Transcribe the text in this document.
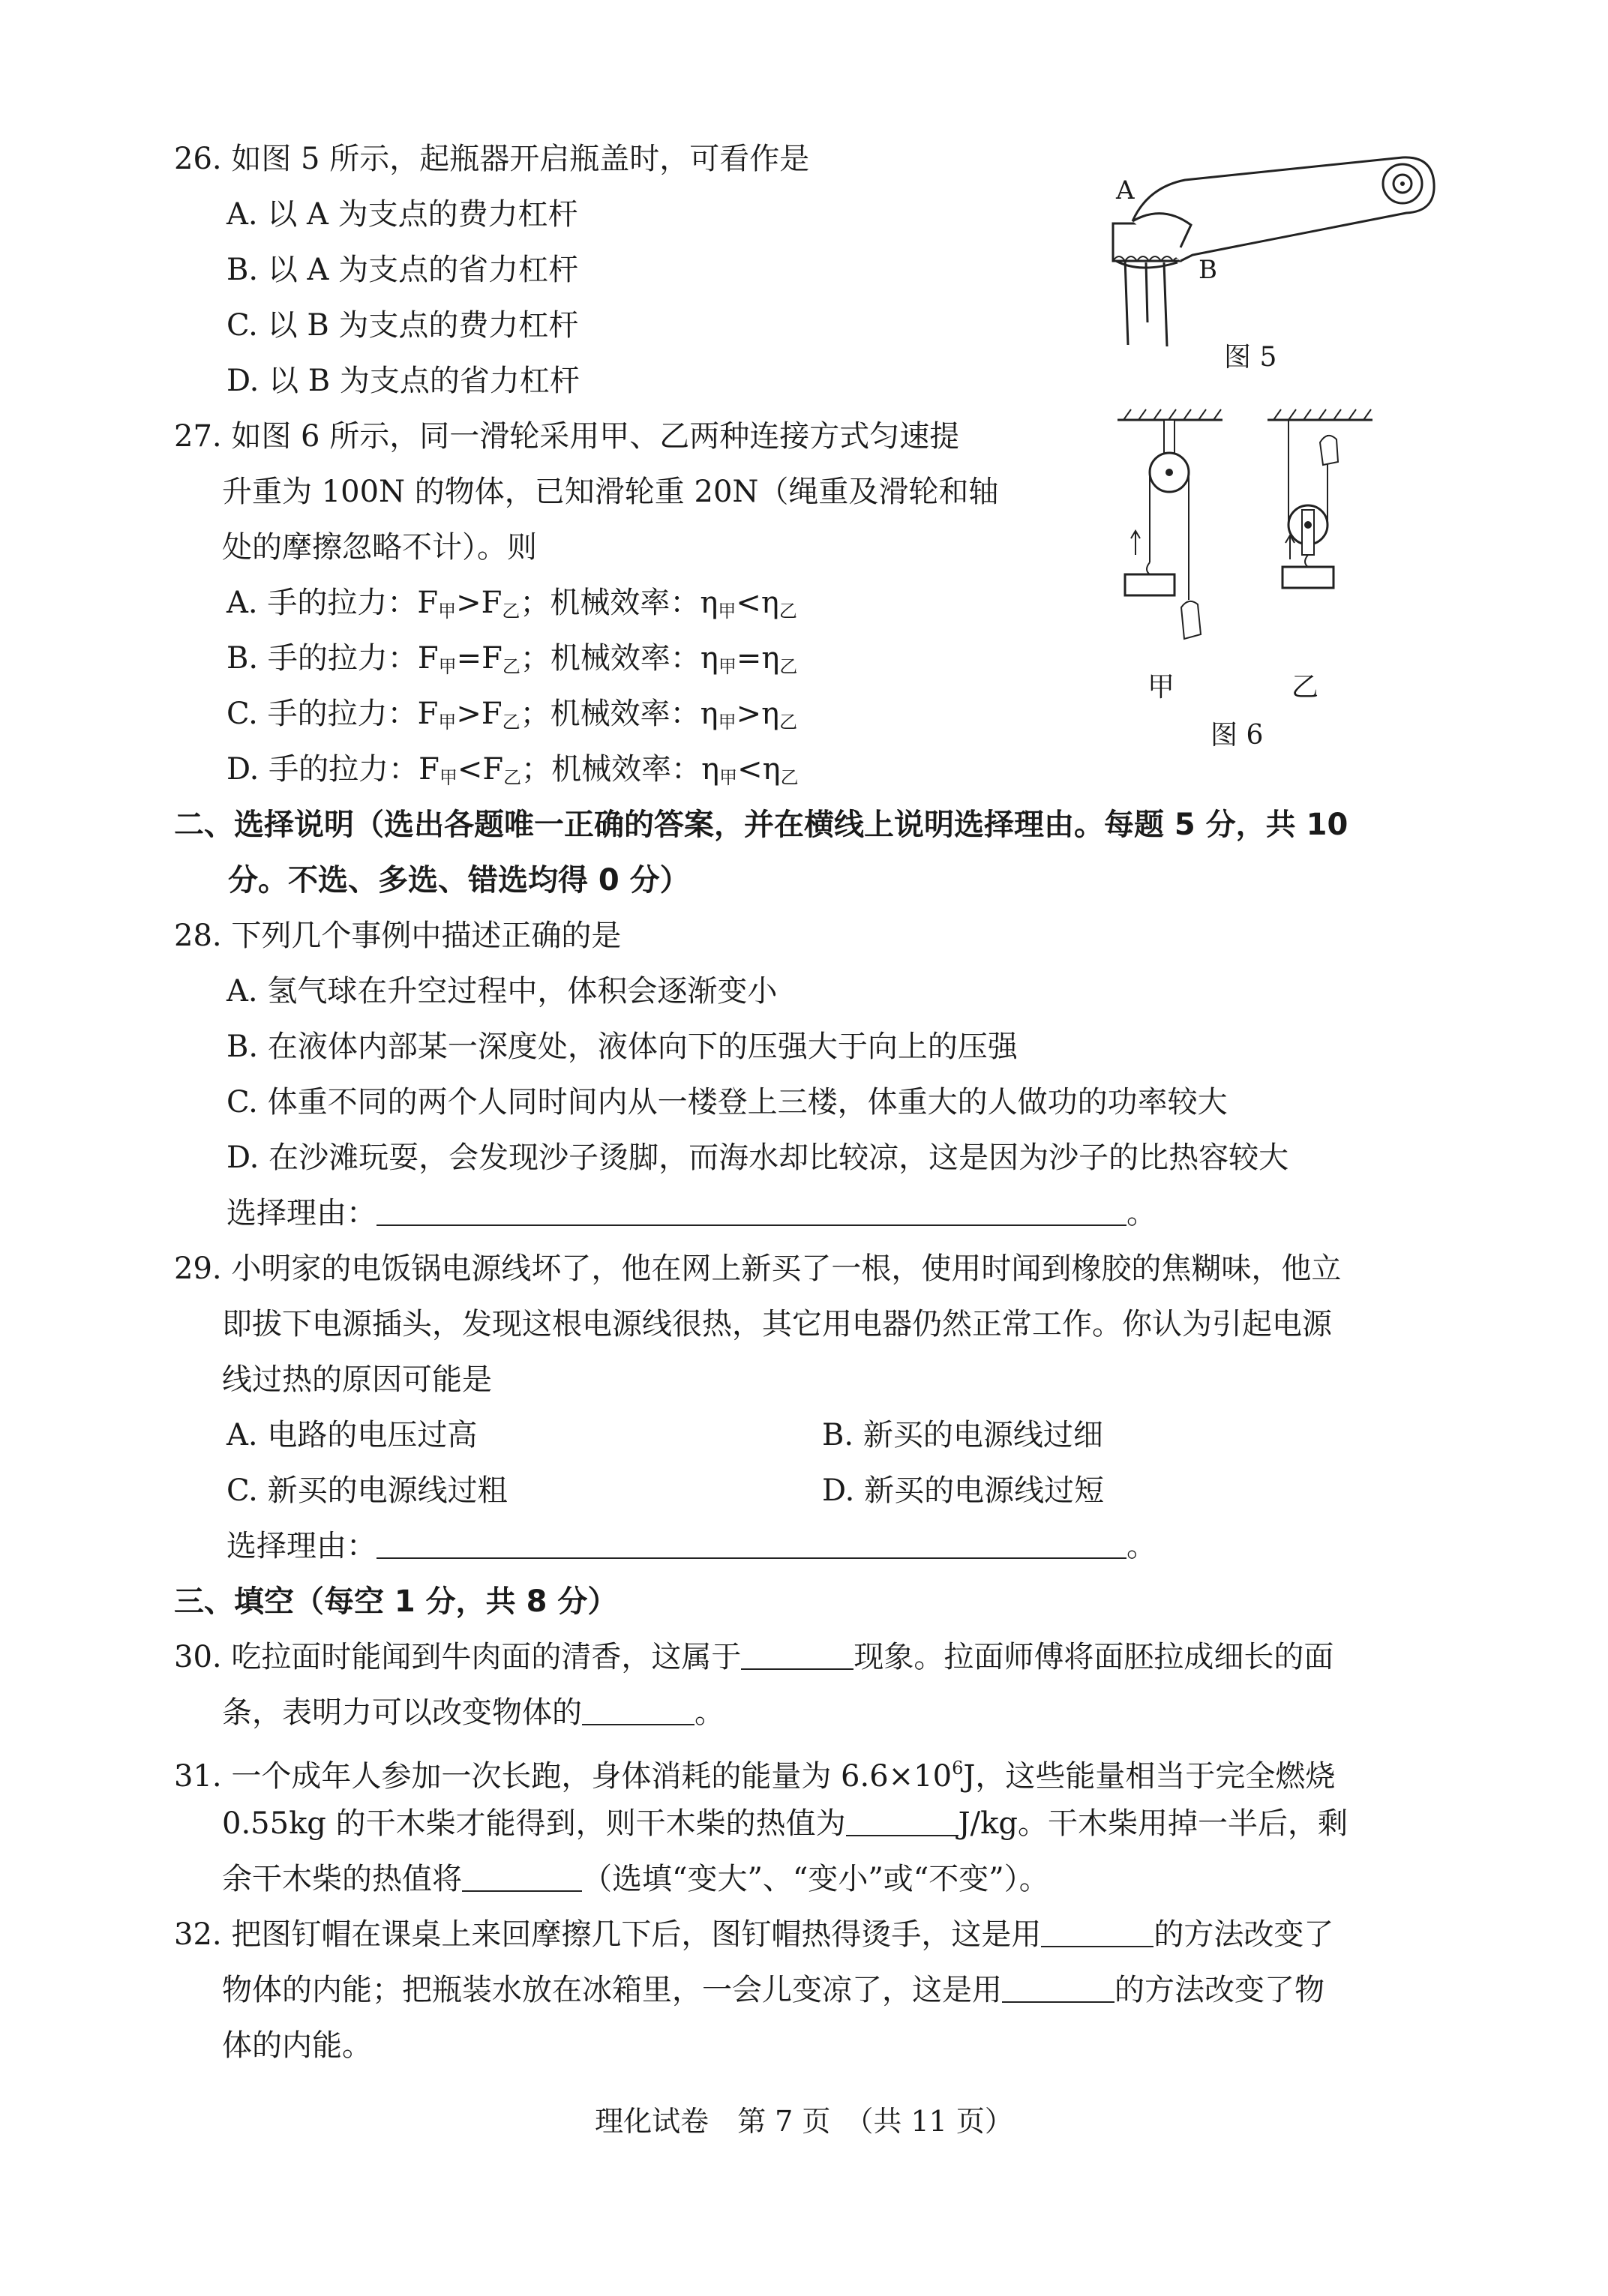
26. 如图 5 所示，起瓶器开启瓶盖时，可看作是
A. 以 A 为支点的费力杠杆
B. 以 A 为支点的省力杠杆
C. 以 B 为支点的费力杠杆
D. 以 B 为支点的省力杠杆
A
B
图 5
27. 如图 6 所示，同一滑轮采用甲、乙两种连接方式匀速提
升重为 100N 的物体，已知滑轮重 20N（绳重及滑轮和轴
处的摩擦忽略不计）。则
A. 手的拉力：$F_甲>F_乙$；机械效率：$\eta_甲<\eta_乙$
B. 手的拉力：$F_甲=F_乙$；机械效率：$\eta_甲=\eta_乙$
C. 手的拉力：$F_甲>F_乙$；机械效率：$\eta_甲>\eta_乙$
D. 手的拉力：$F_甲<F_乙$；机械效率：$\eta_甲<\eta_乙$
甲	乙
图 6
二、选择说明（选出各题唯一正确的答案，并在横线上说明选择理由。每题 5 分，共 10
分。不选、多选、错选均得 0 分）
28. 下列几个事例中描述正确的是
A. 氢气球在升空过程中，体积会逐渐变小
B. 在液体内部某一深度处，液体向下的压强大于向上的压强
C. 体重不同的两个人同时间内从一楼登上三楼，体重大的人做功的功率较大
D. 在沙滩玩耍，会发现沙子烫脚，而海水却比较凉，这是因为沙子的比热容较大
选择理由：	。
29. 小明家的电饭锅电源线坏了，他在网上新买了一根，使用时闻到橡胶的焦糊味，他立
即拔下电源插头，发现这根电源线很热，其它用电器仍然正常工作。你认为引起电源
线过热的原因可能是
A. 电路的电压过高	B. 新买的电源线过细
C. 新买的电源线过粗	D. 新买的电源线过短
选择理由：	。
三、填空（每空 1 分，共 8 分）
30. 吃拉面时能闻到牛肉面的清香，这属于	现象。拉面师傅将面胚拉成细长的面
条，表明力可以改变物体的	。
31. 一个成年人参加一次长跑，身体消耗的能量为 $6.6\times 10^6J$，这些能量相当于完全燃烧
0.55kg 的干木柴才能得到，则干木柴的热值为	J/kg。干木柴用掉一半后，剩
余干木柴的热值将	（选填“变大”、“变小”或“不变”）。
32. 把图钉帽在课桌上来回摩擦几下后，图钉帽热得烫手，这是用	的方法改变了
物体的内能；把瓶装水放在冰箱里，一会儿变凉了，这是用	的方法改变了物
体的内能。
理化试卷　第 7 页　（共 11 页）
